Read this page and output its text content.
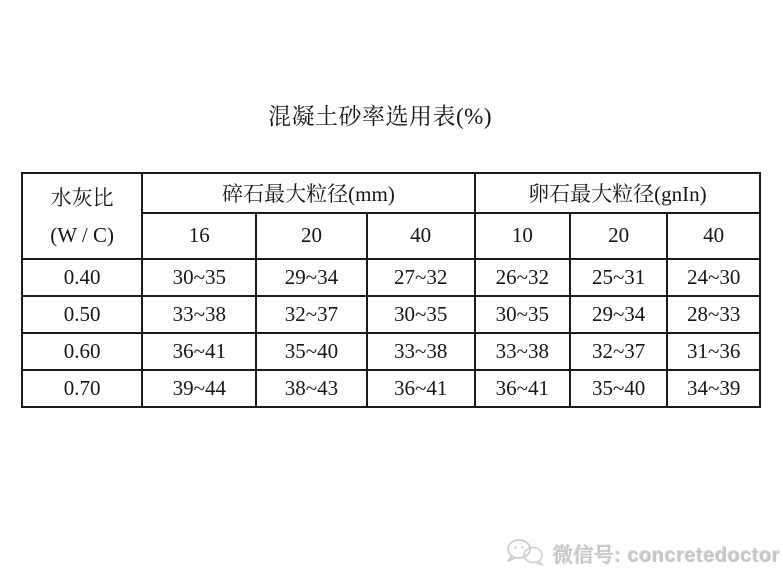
混凝土砂率选用表(%)
水灰比
(W / C)	碎石最大粒径(mm)			卵石最大粒径(gnIn)		
	16	20	40	10	20	40
0.40	30~35	29~34	27~32	26~32	25~31	24~30
0.50	33~38	32~37	30~35	30~35	29~34	28~33
0.60	36~41	35~40	33~38	33~38	32~37	31~36
0.70	39~44	38~43	36~41	36~41	35~40	34~39
微信号: concretedoctor
